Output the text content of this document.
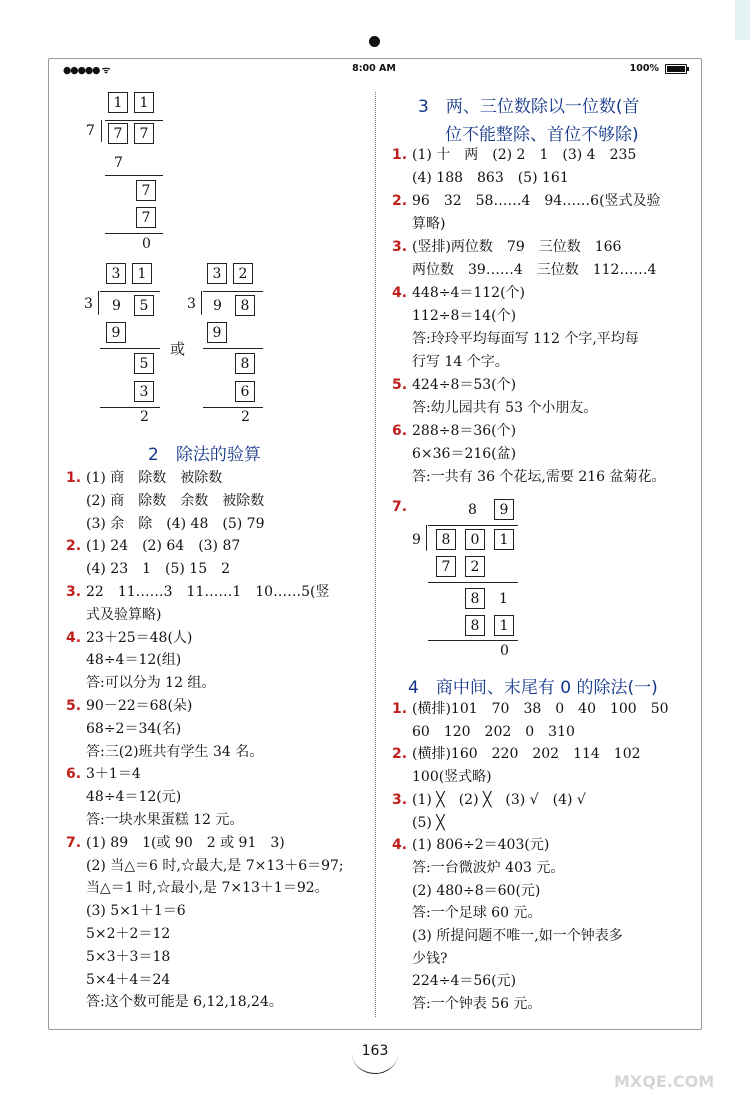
●●●●● ᯤ	8:00 AM	100%
1	1
7	7	7
7
7
7
0
3	1
3 9	5
9
5
3
2
或
3	2
3 9	8
9
8
6
2
2　除法的验算
1. (1) 商　除数　被除数
(2) 商　除数　余数　被除数
(3) 余　除　(4) 48　(5) 79
2. (1) 24　(2) 64　(3) 87
(4) 23　1　(5) 15　2
3. 22　11……3　11……1　10……5(竖
式及验算略)
4. 23＋25＝48(人)
48÷4＝12(组)
答:可以分为 12 组。
5. 90－22＝68(朵)
68÷2＝34(名)
答:三(2)班共有学生 34 名。
6. 3＋1＝4
48÷4＝12(元)
答:一块水果蛋糕 12 元。
7. (1) 89　1(或 90　2 或 91　3)
(2) 当△＝6 时,☆最大,是 7×13＋6＝97;
当△＝1 时,☆最小,是 7×13＋1＝92。
(3) 5×1＋1＝6
5×2＋2＝12
5×3＋3＝18
5×4＋4＝24
答:这个数可能是 6,12,18,24。
3　两、三位数除以一位数(首
位不能整除、首位不够除)
1. (1) 十　两　(2) 2　1　(3) 4　235
(4) 188　863　(5) 161
2. 96　32　58……4　94……6(竖式及验
算略)
3. (竖排)两位数　79　三位数　166
两位数　39……4　三位数　112……4
4. 448÷4＝112(个)
112÷8＝14(个)
答:玲玲平均每面写 112 个字,平均每
行写 14 个字。
5. 424÷8＝53(个)
答:幼儿园共有 53 个小朋友。
6. 288÷8＝36(个)
6×36＝216(盆)
答:一共有 36 个花坛,需要 216 盆菊花。
7.	8	9
9	8	0	1
7	2
8	1
8	1
0
4　商中间、末尾有 0 的除法(一)
1. (横排)101　70　38　0　40　100　50
60　120　202　0　310
2. (横排)160　220　202　114　102
100(竖式略)
3. (1) ╳　(2) ╳　(3) √　(4) √
(5) ╳
4. (1) 806÷2＝403(元)
答:一台微波炉 403 元。
(2) 480÷8＝60(元)
答:一个足球 60 元。
(3) 所提问题不唯一,如一个钟表多
少钱?
224÷4＝56(元)
答:一个钟表 56 元。
163
MXQE.COM
